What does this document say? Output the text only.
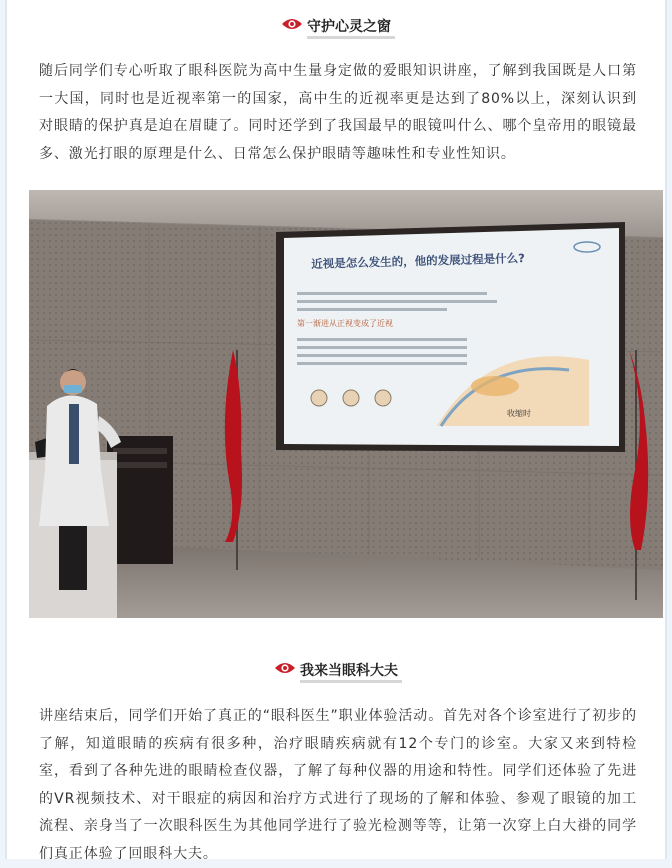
守护心灵之窗

随后同学们专心听取了眼科医院为高中生量身定做的爱眼知识讲座，了解到我国既是人口第一大国，同时也是近视率第一的国家，高中生的近视率更是达到了80%以上，深刻认识到对眼睛的保护真是迫在眉睫了。同时还学到了我国最早的眼镜叫什么、哪个皇帝用的眼镜最多、激光打眼的原理是什么、日常怎么保护眼睛等趣味性和专业性知识。

近视是怎么发生的，他的发展过程是什么?
第一渐进从正视变成了近视
收缩时
我来当眼科大夫

讲座结束后，同学们开始了真正的“眼科医生”职业体验活动。首先对各个诊室进行了初步的了解，知道眼睛的疾病有很多种，治疗眼睛疾病就有12个专门的诊室。大家又来到特检室，看到了各种先进的眼睛检查仪器，了解了每种仪器的用途和特性。同学们还体验了先进的VR视频技术、对干眼症的病因和治疗方式进行了现场的了解和体验、参观了眼镜的加工流程、亲身当了一次眼科医生为其他同学进行了验光检测等等，让第一次穿上白大褂的同学们真正体验了回眼科大夫。
